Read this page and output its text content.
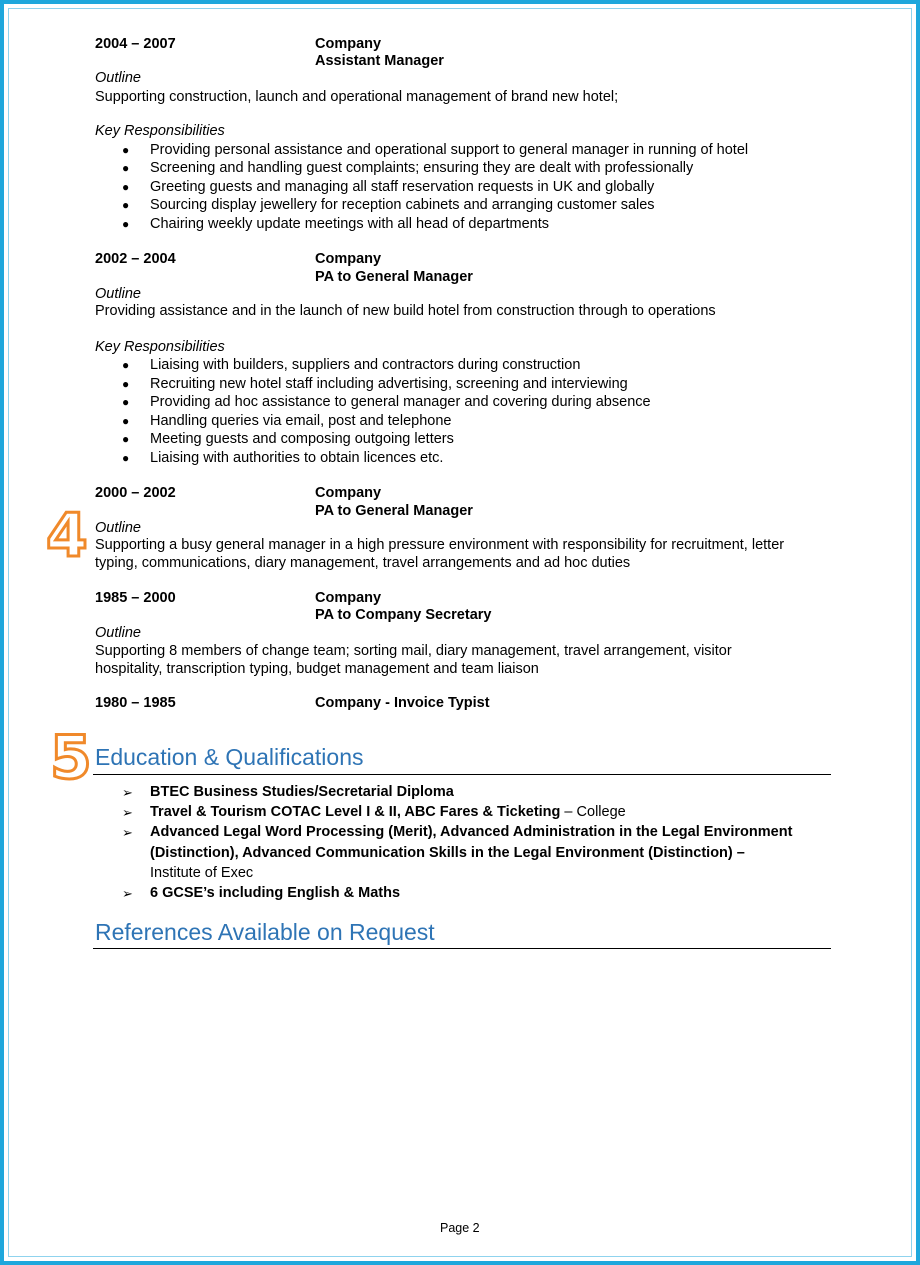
2004 – 2007	Company
Assistant Manager
Outline
Supporting construction, launch and operational management of brand new hotel;
Key Responsibilities
● Providing personal assistance and operational support to general manager in running of hotel
● Screening and handling guest complaints; ensuring they are dealt with professionally
● Greeting guests and managing all staff reservation requests in UK and globally
● Sourcing display jewellery for reception cabinets and arranging customer sales
● Chairing weekly update meetings with all head of departments
2002 – 2004	Company
PA to General Manager
Outline
Providing assistance and in the launch of new build hotel from construction through to operations
Key Responsibilities
● Liaising with builders, suppliers and contractors during construction
● Recruiting new hotel staff including advertising, screening and interviewing
● Providing ad hoc assistance to general manager and covering during absence
● Handling queries via email, post and telephone
● Meeting guests and composing outgoing letters
● Liaising with authorities to obtain licences etc.
2000 – 2002	Company
PA to General Manager
Outline
Supporting a busy general manager in a high pressure environment with responsibility for recruitment, letter
typing, communications, diary management, travel arrangements and ad hoc duties
1985 – 2000	Company
PA to Company Secretary
Outline
Supporting 8 members of change team; sorting mail, diary management, travel arrangement, visitor
hospitality, transcription typing, budget management and team liaison
1980 – 1985	Company - Invoice Typist
4
5 Education & Qualifications
➢ BTEC Business Studies/Secretarial Diploma
➢ Travel & Tourism COTAC Level I & II, ABC Fares & Ticketing – College
➢ Advanced Legal Word Processing (Merit), Advanced Administration in the Legal Environment
(Distinction), Advanced Communication Skills in the Legal Environment (Distinction) –
Institute of Exec
➢ 6 GCSE’s including English & Maths
References Available on Request
Page 2
